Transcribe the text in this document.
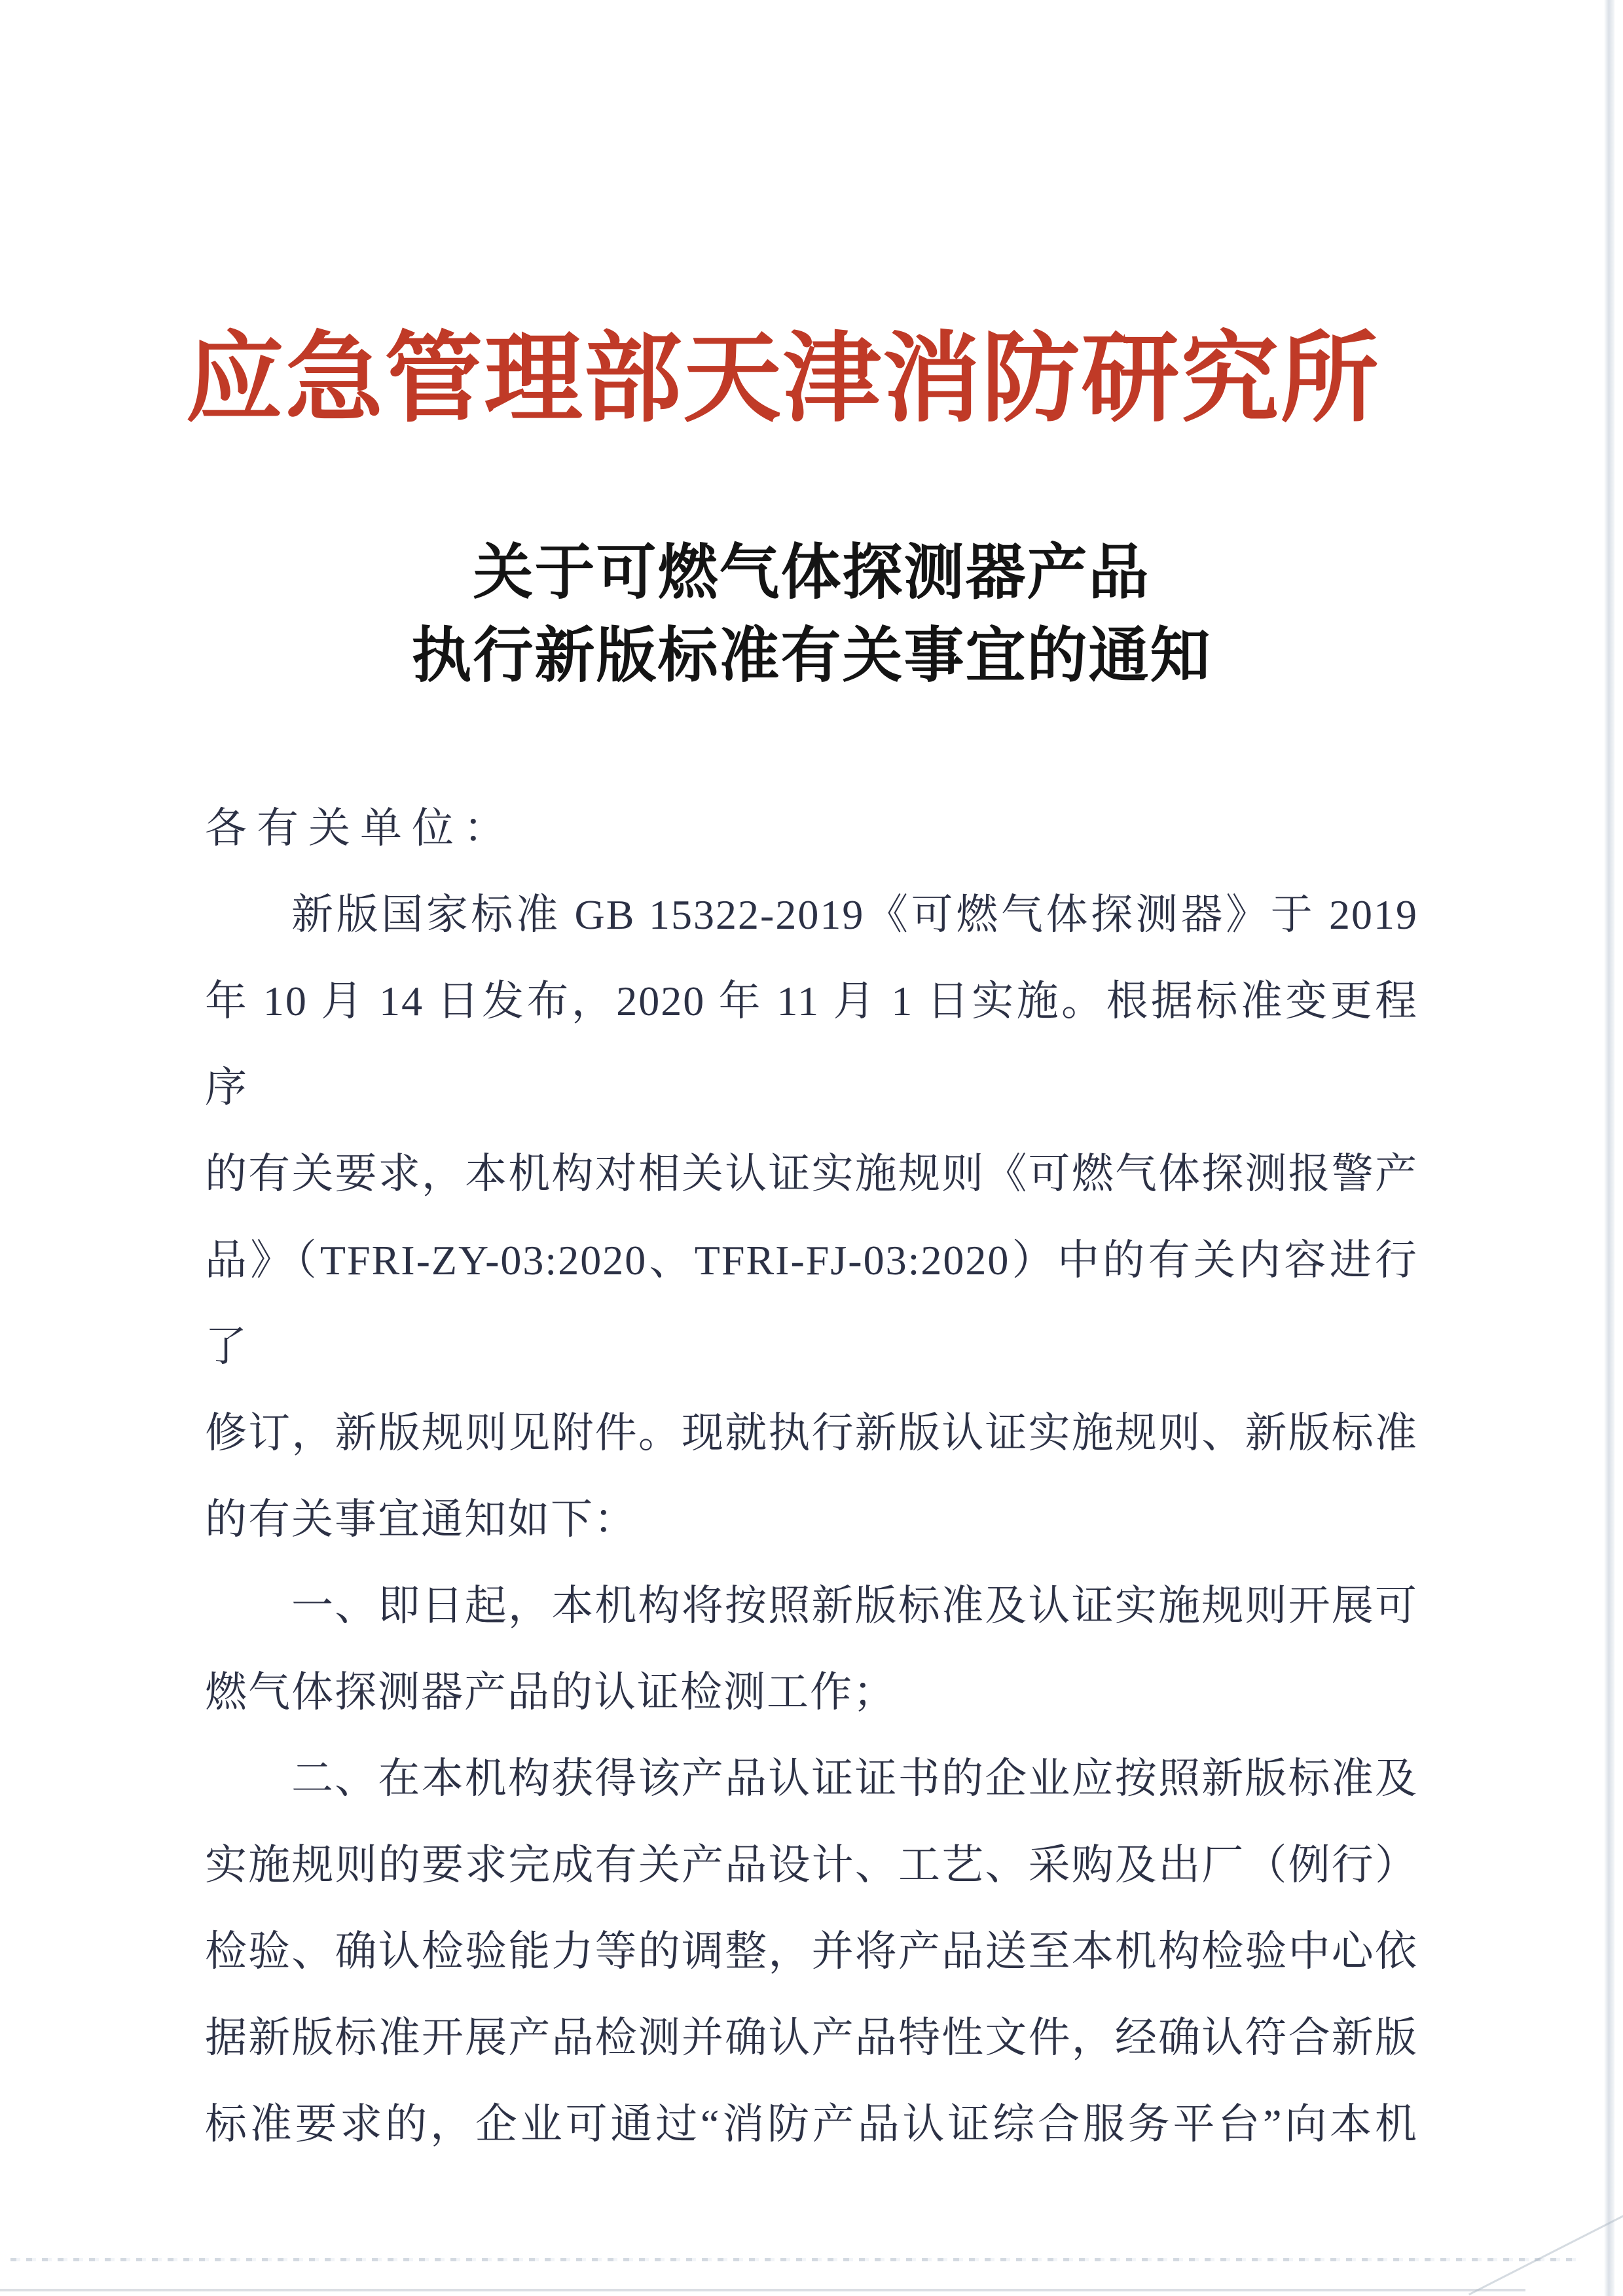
应急管理部天津消防研究所
关于可燃气体探测器产品
执行新版标准有关事宜的通知
各有关单位：
新版国家标准 GB 15322-2019《可燃气体探测器》于 2019
年 10 月 14 日发布，2020 年 11 月 1 日实施。根据标准变更程序
的有关要求，本机构对相关认证实施规则《可燃气体探测报警产
品》（TFRI-ZY-03:2020、TFRI-FJ-03:2020）中的有关内容进行了
修订，新版规则见附件。现就执行新版认证实施规则、新版标准
的有关事宜通知如下：
一、即日起，本机构将按照新版标准及认证实施规则开展可
燃气体探测器产品的认证检测工作；
二、在本机构获得该产品认证证书的企业应按照新版标准及
实施规则的要求完成有关产品设计、工艺、采购及出厂（例行）
检验、确认检验能力等的调整，并将产品送至本机构检验中心依
据新版标准开展产品检测并确认产品特性文件，经确认符合新版
标准要求的，企业可通过“消防产品认证综合服务平台”向本机
